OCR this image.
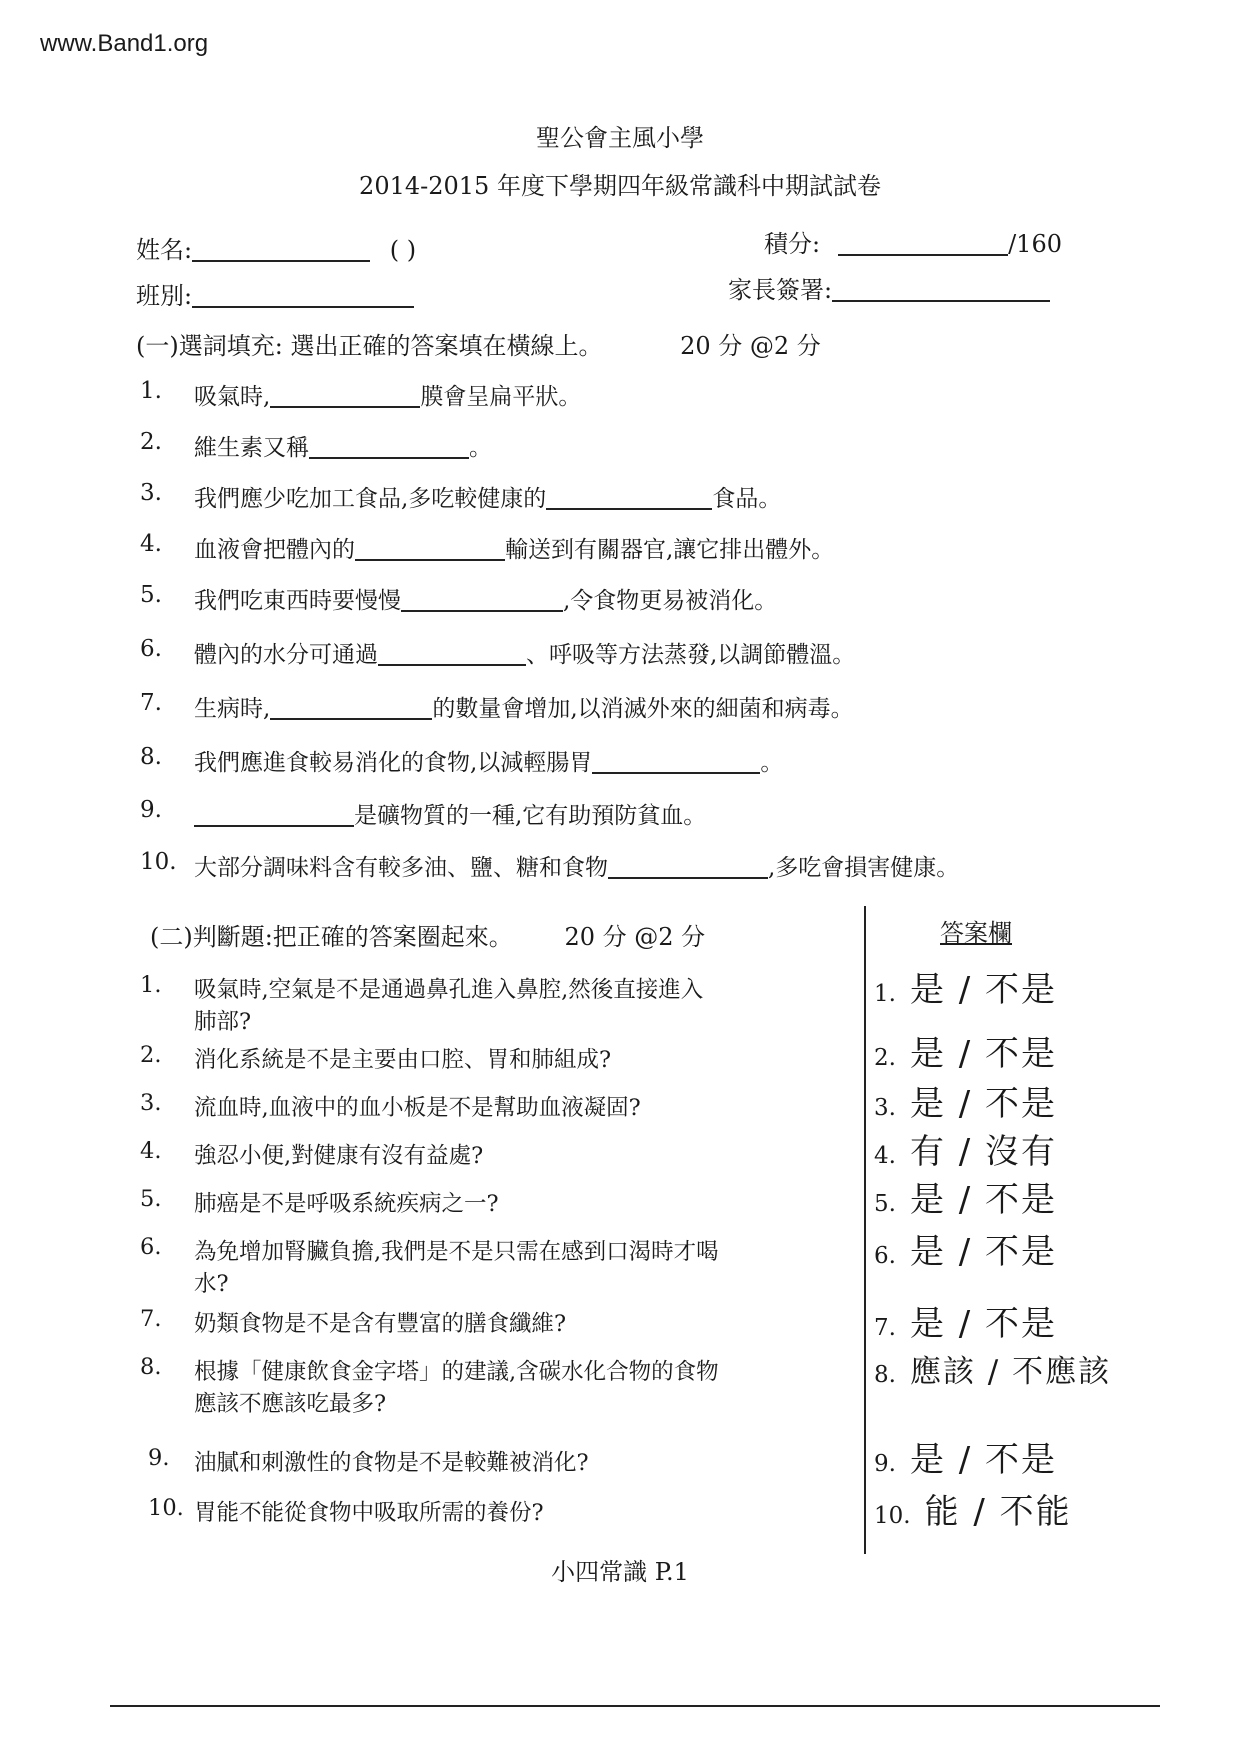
www.Band1.org
聖公會主風小學
2014-2015 年度下學期四年級常識科中期試試卷
姓名:	( )	積分:	/160
班別:	家長簽署:
(一)選詞填充: 選出正確的答案填在橫線上。	20 分 @2 分
1.	吸氣時,	膜會呈扁平狀。
2.	維生素又稱	。
3.	我們應少吃加工食品,多吃較健康的	食品。
4.	血液會把體內的	輸送到有關器官,讓它排出體外。
5.	我們吃東西時要慢慢	,令食物更易被消化。
6.	體內的水分可通過	、呼吸等方法蒸發,以調節體溫。
7.	生病時,	的數量會增加,以消滅外來的細菌和病毒。
8.	我們應進食較易消化的食物,以減輕腸胃	。
9.	是礦物質的一種,它有助預防貧血。
10. 大部分調味料含有較多油、鹽、糖和食物	,多吃會損害健康。
(二)判斷題:把正確的答案圈起來。 20 分 @2 分	答案欄
1.	吸氣時,空氣是不是通過鼻孔進入鼻腔,然後直接進入
肺部?
2.	消化系統是不是主要由口腔、胃和肺組成?
3.	流血時,血液中的血小板是不是幫助血液凝固?
4.	強忍小便,對健康有沒有益處?
5.	肺癌是不是呼吸系統疾病之一?
6.	為免增加腎臟負擔,我們是不是只需在感到口渴時才喝
水?
7.	奶類食物是不是含有豐富的膳食纖維?
8.	根據「健康飲食金字塔」的建議,含碳水化合物的食物
應該不應該吃最多?
9.	油膩和刺激性的食物是不是較難被消化?
10. 胃能不能從食物中吸取所需的養份?
1. 是 / 不是
2. 是 / 不是
3. 是 / 不是
4. 有 / 沒有
5. 是 / 不是
6. 是 / 不是
7. 是 / 不是
8. 應該 / 不應該
9. 是 / 不是
10. 能 / 不能
小四常識 P.1
